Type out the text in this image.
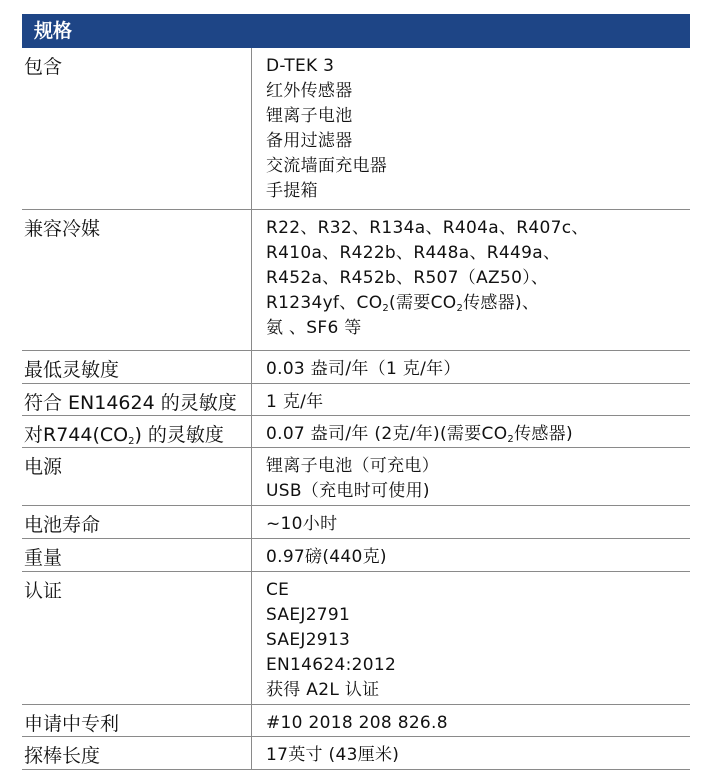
规格
包含	D-TEK 3
红外传感器
锂离子电池
备用过滤器
交流墙面充电器
手提箱
兼容冷媒	R22、R32、R134a、R404a、R407c、
R410a、R422b、R448a、R449a、
R452a、R452b、R507（AZ50）、
R1234yf、$CO_2$(需要$CO_2$传感器)、
氨 、SF6 等
最低灵敏度	0.03 盎司/年（1 克/年）
符合 EN14624 的灵敏度	1 克/年
对$R744(CO_2)$ 的灵敏度	0.07 盎司/年 (2克/年)(需要$CO_2$传感器)
电源	锂离子电池（可充电）
USB（充电时可使用)
电池寿命	~10小时
重量	0.97磅(440克)
认证	CE
SAEJ2791
SAEJ2913
EN14624:2012
获得 A2L 认证
申请中专利	#10 2018 208 826.8
探棒长度	17英寸 (43厘米)
